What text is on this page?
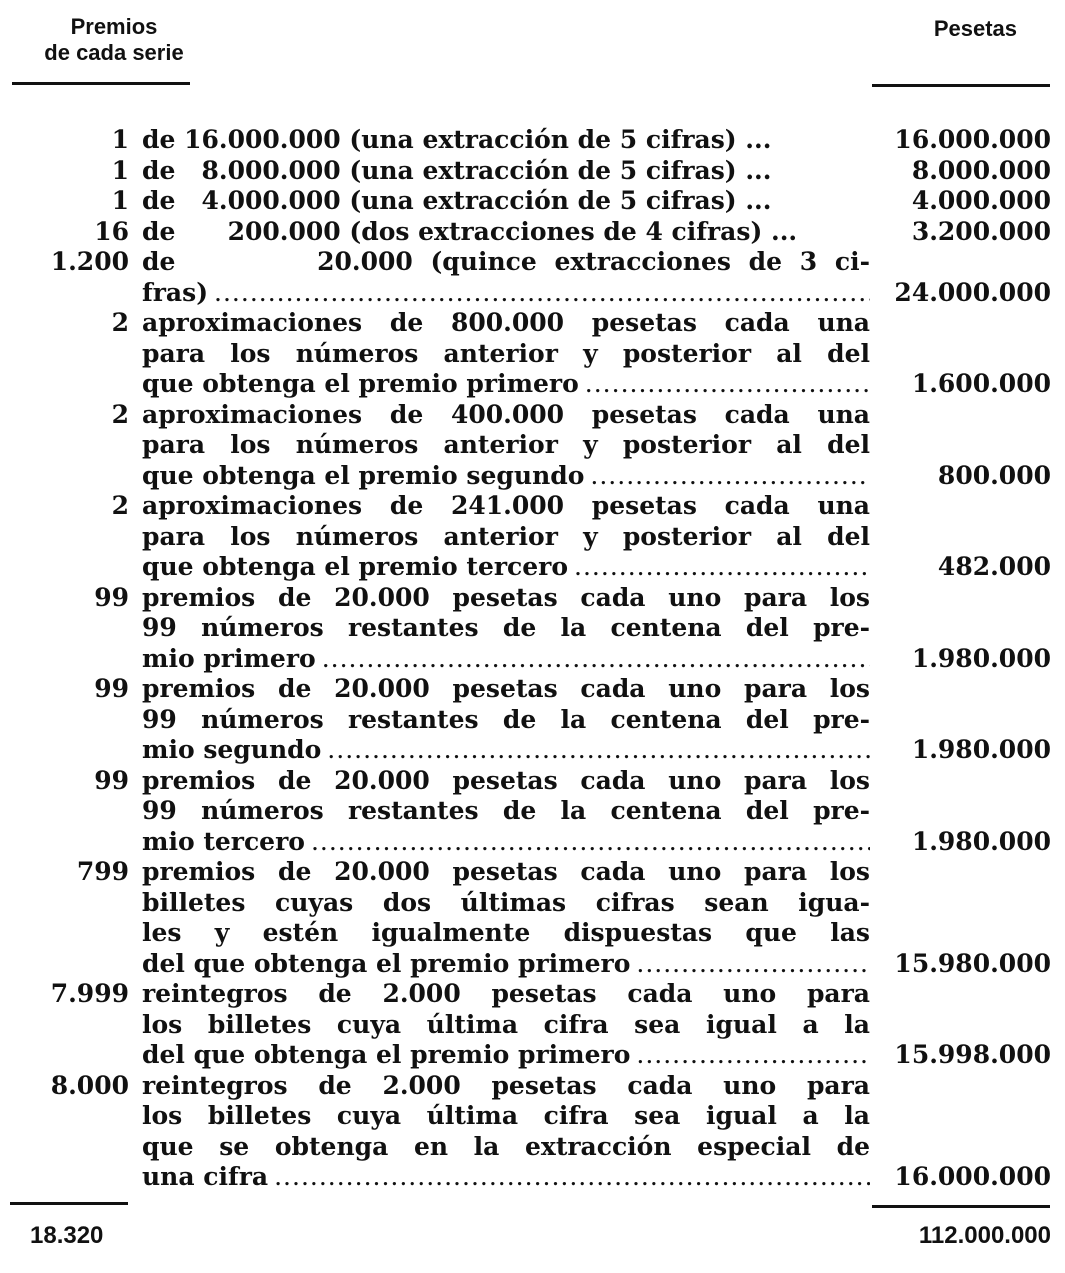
Premios
de cada serie
Pesetas
1 de 16.000.000 (una extracción de 5 cifras) ...	16.000.000
1 de   8.000.000 (una extracción de 5 cifras) ...	8.000.000
1 de   4.000.000 (una extracción de 5 cifras) ...	4.000.000
16 de      200.000 (dos extracciones de 4 cifras) ...	3.200.000
1.200 de        20.000 (quince extracciones de 3 ci-
fras) .....	24.000.000
2 aproximaciones de 800.000 pesetas cada una
para los números anterior y posterior al del
que obtenga el premio primero .....	1.600.000
2 aproximaciones de 400.000 pesetas cada una
para los números anterior y posterior al del
que obtenga el premio segundo .....	800.000
2 aproximaciones de 241.000 pesetas cada una
para los números anterior y posterior al del
que obtenga el premio tercero .....	482.000
99 premios de 20.000 pesetas cada uno para los
99 números restantes de la centena del pre-
mio primero .....	1.980.000
99 premios de 20.000 pesetas cada uno para los
99 números restantes de la centena del pre-
mio segundo .....	1.980.000
99 premios de 20.000 pesetas cada uno para los
99 números restantes de la centena del pre-
mio tercero .....	1.980.000
799 premios de 20.000 pesetas cada uno para los
billetes cuyas dos últimas cifras sean igua-
les y estén igualmente dispuestas que las
del que obtenga el premio primero .....	15.980.000
7.999 reintegros de 2.000 pesetas cada uno para
los billetes cuya última cifra sea igual a la
del que obtenga el premio primero .....	15.998.000
8.000 reintegros de 2.000 pesetas cada uno para
los billetes cuya última cifra sea igual a la
que se obtenga en la extracción especial de
una cifra .....	16.000.000
18.320	112.000.000
